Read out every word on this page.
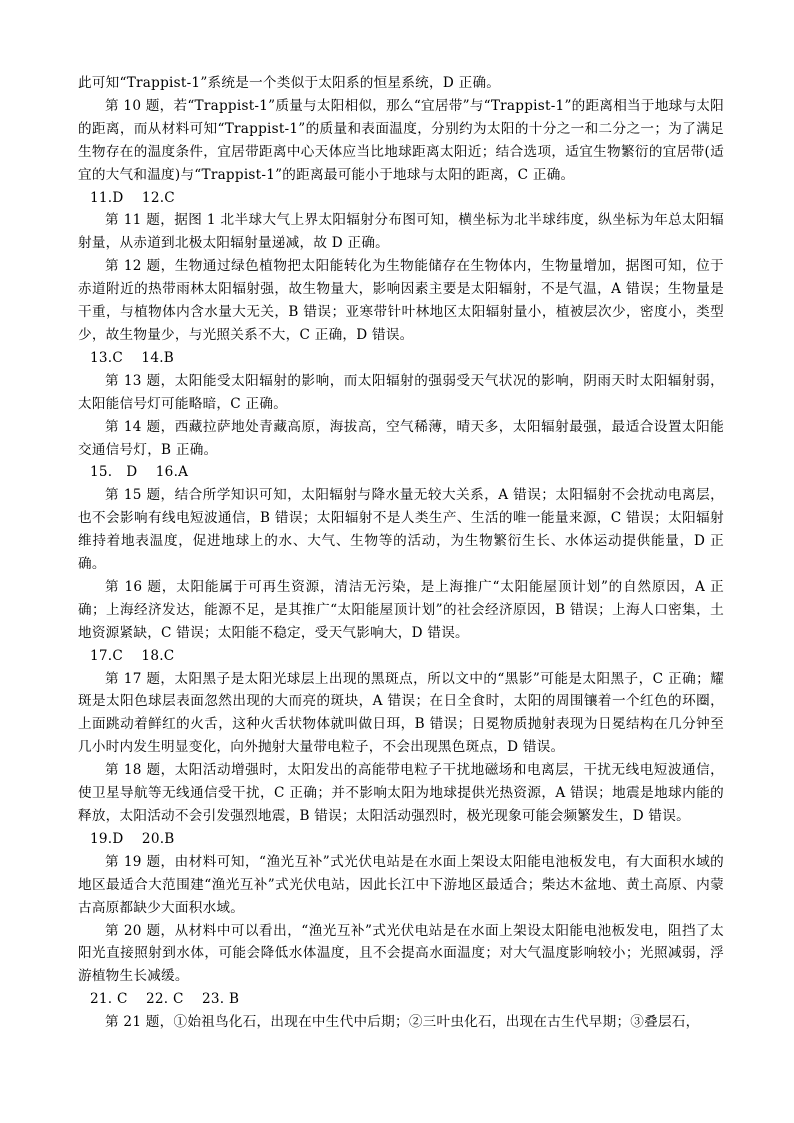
此可知“Trappist-1”系统是一个类似于太阳系的恒星系统，D 正确。

第 10 题，若“Trappist-1”质量与太阳相似，那么“宜居带”与“Trappist-1”的距离相当于地球与太阳的距离，而从材料可知“Trappist-1”的质量和表面温度，分别约为太阳的十分之一和二分之一；为了满足生物存在的温度条件，宜居带距离中心天体应当比地球距离太阳近；结合选项，适宜生物繁衍的宜居带(适宜的大气和温度)与“Trappist-1”的距离最可能小于地球与太阳的距离，C 正确。

11.D　 12.C

第 11 题，据图 1 北半球大气上界太阳辐射分布图可知，横坐标为北半球纬度，纵坐标为年总太阳辐射量，从赤道到北极太阳辐射量递减，故 D 正确。

第 12 题，生物通过绿色植物把太阳能转化为生物能储存在生物体内，生物量增加，据图可知，位于赤道附近的热带雨林太阳辐射强，故生物量大，影响因素主要是太阳辐射，不是气温，A 错误；生物量是干重，与植物体内含水量大无关，B 错误；亚寒带针叶林地区太阳辐射量小，植被层次少，密度小，类型少，故生物量少，与光照关系不大，C 正确，D 错误。

13.C　 14.B

第 13 题，太阳能受太阳辐射的影响，而太阳辐射的强弱受天气状况的影响，阴雨天时太阳辐射弱，太阳能信号灯可能略暗，C 正确。

第 14 题，西藏拉萨地处青藏高原，海拔高，空气稀薄，晴天多，太阳辐射最强，最适合设置太阳能交通信号灯，B 正确。

15.　D　 16.A

第 15 题，结合所学知识可知，太阳辐射与降水量无较大关系，A 错误；太阳辐射不会扰动电离层，也不会影响有线电短波通信，B 错误；太阳辐射不是人类生产、生活的唯一能量来源，C 错误；太阳辐射维持着地表温度，促进地球上的水、大气、生物等的活动，为生物繁衍生长、水体运动提供能量，D 正确。

第 16 题，太阳能属于可再生资源，清洁无污染，是上海推广“太阳能屋顶计划”的自然原因，A 正确；上海经济发达，能源不足，是其推广“太阳能屋顶计划”的社会经济原因，B 错误；上海人口密集，土地资源紧缺，C 错误；太阳能不稳定，受天气影响大，D 错误。

17.C　 18.C

第 17 题，太阳黑子是太阳光球层上出现的黑斑点，所以文中的“黑影”可能是太阳黑子，C 正确；耀斑是太阳色球层表面忽然出现的大而亮的斑块，A 错误；在日全食时，太阳的周围镶着一个红色的环圈，上面跳动着鲜红的火舌，这种火舌状物体就叫做日珥，B 错误；日冕物质抛射表现为日冕结构在几分钟至几小时内发生明显变化，向外抛射大量带电粒子，不会出现黑色斑点，D 错误。

第 18 题，太阳活动增强时，太阳发出的高能带电粒子干扰地磁场和电离层，干扰无线电短波通信，使卫星导航等无线通信受干扰，C 正确；并不影响太阳为地球提供光热资源，A 错误；地震是地球内能的释放，太阳活动不会引发强烈地震，B 错误；太阳活动强烈时，极光现象可能会频繁发生，D 错误。

19.D　 20.B

第 19 题，由材料可知，“渔光互补”式光伏电站是在水面上架设太阳能电池板发电，有大面积水域的地区最适合大范围建“渔光互补”式光伏电站，因此长江中下游地区最适合；柴达木盆地、黄土高原、内蒙古高原都缺少大面积水域。

第 20 题，从材料中可以看出，“渔光互补”式光伏电站是在水面上架设太阳能电池板发电，阻挡了太阳光直接照射到水体，可能会降低水体温度，且不会提高水面温度；对大气温度影响较小；光照减弱，浮游植物生长减缓。

21. C　 22. C　 23. B

第 21 题，①始祖鸟化石，出现在中生代中后期；②三叶虫化石，出现在古生代早期；③叠层石，
